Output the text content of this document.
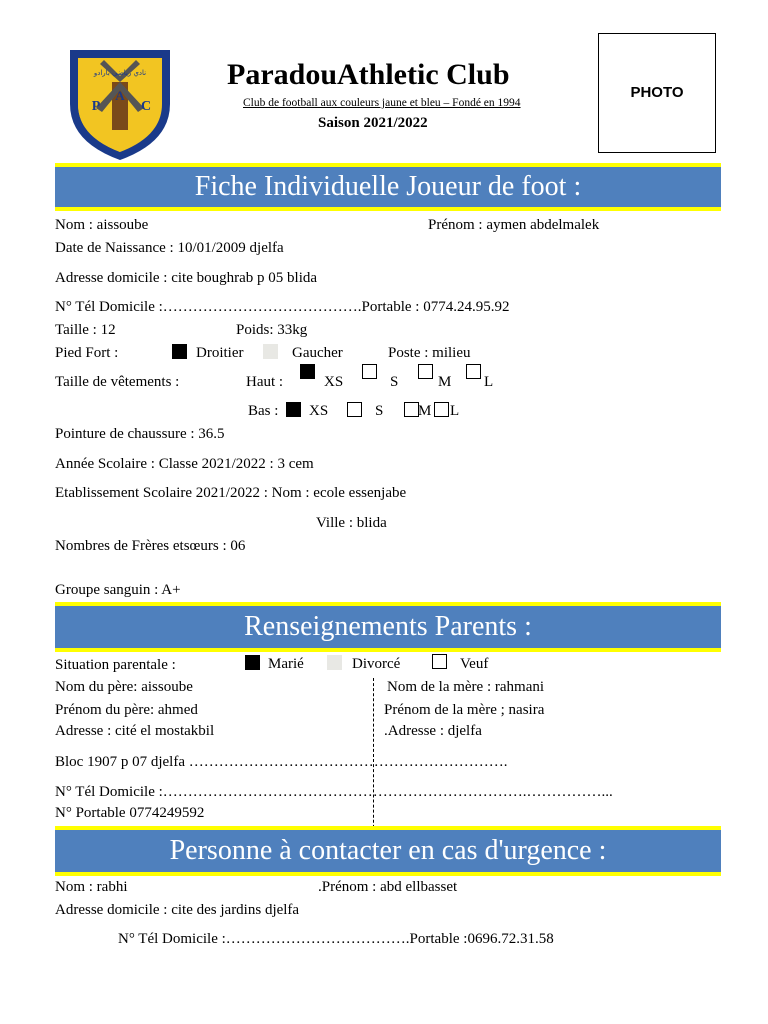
نادي رياضي بارادو
A
P	C
1994
ParadouAthletic Club
Club de football aux couleurs jaune et bleu – Fondé en 1994
Saison 2021/2022
PHOTO
Fiche Individuelle Joueur de foot :
Nom : aissoube	Prénom : aymen abdelmalek
Date de Naissance : 10/01/2009 djelfa
Adresse domicile : cite boughrab p 05 blida
N° Tél Domicile :………………………………….Portable : 0774.24.95.92
Taille : 12	Poids: 33kg
Pied Fort :	Droitier	Gaucher	Poste : milieu
Taille de vêtements :	Haut :	XS	S	M L
Bas : XS	S M L
Pointure de chaussure : 36.5
Année Scolaire : Classe 2021/2022 : 3 cem
Etablissement Scolaire 2021/2022 : Nom : ecole essenjabe
Ville : blida
Nombres de Frères etsœurs : 06
Groupe sanguin : A+
Renseignements Parents :
Situation parentale :	Marié	Divorcé	Veuf
Nom du père: aissoube	Nom de la mère : rahmani
Prénom du père: ahmed	Prénom de la mère ; nasira
Adresse : cité el mostakbil	.Adresse : djelfa
Bloc 1907 p 07 djelfa ……………………………………………………….
N° Tél Domicile :……………………………………………………………….……………...
N° Portable 0774249592
Personne à contacter en cas d'urgence :
Nom : rabhi	.Prénom : abd ellbasset
Adresse domicile : cite des jardins djelfa
N° Tél Domicile :……………………………….Portable :0696.72.31.58
